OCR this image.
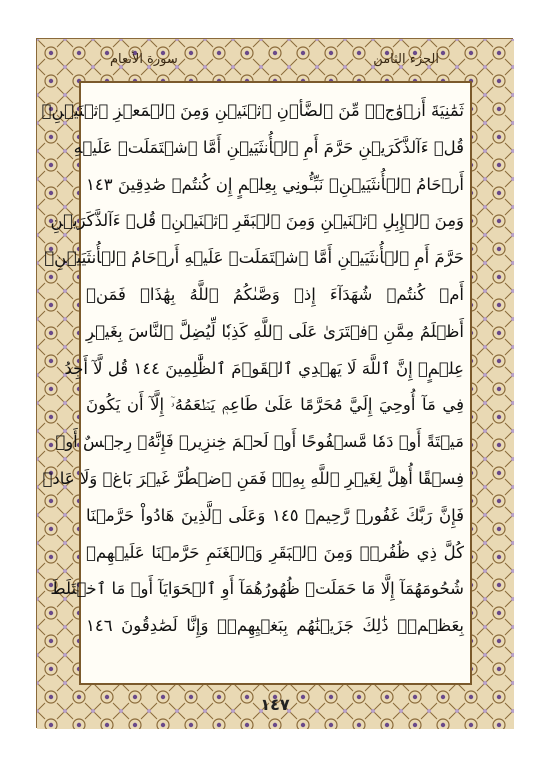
سورة الأنعام	الجزء الثامن
ثَمَٰنِيَةَ أَزۡوَٰجٖۖ مِّنَ ٱلضَّأۡنِ ٱثۡنَيۡنِ وَمِنَ ٱلۡمَعۡزِ ٱثۡنَيۡنِۗ
قُلۡ ءَآلذَّكَرَيۡنِ حَرَّمَ أَمِ ٱلۡأُنثَيَيۡنِ أَمَّا ٱشۡتَمَلَتۡ عَلَيۡهِ
أَرۡحَامُ ٱلۡأُنثَيَيۡنِۖ نَبِّـُٔونِي بِعِلۡمٍ إِن كُنتُمۡ صَٰدِقِينَ ١٤٣
وَمِنَ ٱلۡإِبِلِ ٱثۡنَيۡنِ وَمِنَ ٱلۡبَقَرِ ٱثۡنَيۡنِۗ قُلۡ ءَآلذَّكَرَيۡنِ
حَرَّمَ أَمِ ٱلۡأُنثَيَيۡنِ أَمَّا ٱشۡتَمَلَتۡ عَلَيۡهِ أَرۡحَامُ ٱلۡأُنثَيَيۡنِۖ
أَمۡ كُنتُمۡ شُهَدَآءَ إِذۡ وَصَّىٰكُمُ ٱللَّهُ بِهَٰذَاۚ فَمَنۡ
أَظۡلَمُ مِمَّنِ ٱفۡتَرَىٰ عَلَى ٱللَّهِ كَذِبٗا لِّيُضِلَّ ٱلنَّاسَ بِغَيۡرِ
عِلۡمٍۚ إِنَّ ٱللَّهَ لَا يَهۡدِي ٱلۡقَوۡمَ ٱلظَّٰلِمِينَ ١٤٤ قُل لَّآ أَجِدُ
فِي مَآ أُوحِيَ إِلَيَّ مُحَرَّمًا عَلَىٰ طَاعِمٖ يَطۡعَمُهُۥٓ إِلَّآ أَن يَكُونَ
مَيۡتَةً أَوۡ دَمٗا مَّسۡفُوحًا أَوۡ لَحۡمَ خِنزِيرٖ فَإِنَّهُۥ رِجۡسٌ أَوۡ
فِسۡقًا أُهِلَّ لِغَيۡرِ ٱللَّهِ بِهِۦۚ فَمَنِ ٱضۡطُرَّ غَيۡرَ بَاغٖ وَلَا عَادٖ
فَإِنَّ رَبَّكَ غَفُورٞ رَّحِيمٞ ١٤٥ وَعَلَى ٱلَّذِينَ هَادُواْ حَرَّمۡنَا
كُلَّ ذِي ظُفُرٖۖ وَمِنَ ٱلۡبَقَرِ وَٱلۡغَنَمِ حَرَّمۡنَا عَلَيۡهِمۡ
شُحُومَهُمَآ إِلَّا مَا حَمَلَتۡ ظُهُورُهُمَآ أَوِ ٱلۡحَوَايَآ أَوۡ مَا ٱخۡتَلَطَ
بِعَظۡمٖۚ ذَٰلِكَ جَزَيۡنَٰهُم بِبَغۡيِهِمۡۖ وَإِنَّا لَصَٰدِقُونَ ١٤٦
١٤٧
